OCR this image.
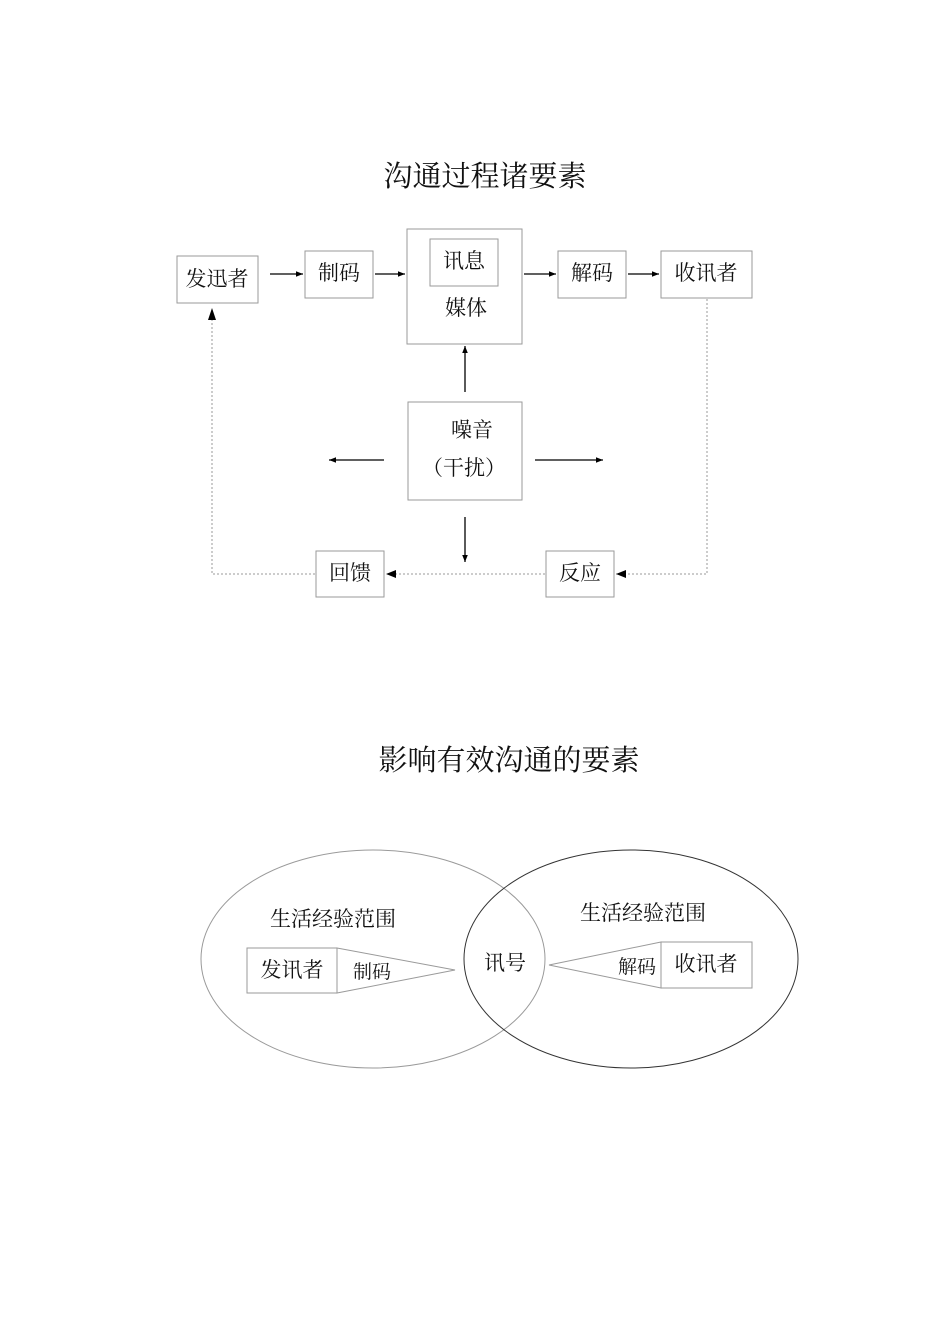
沟通过程诸要素
发迅者	制码	讯息
媒体
解码	收讯者
噪音
（干扰）
回馈	反应
影响有效沟通的要素
生活经验范围	生活经验范围
发讯者 制码	讯号	解码 收讯者
